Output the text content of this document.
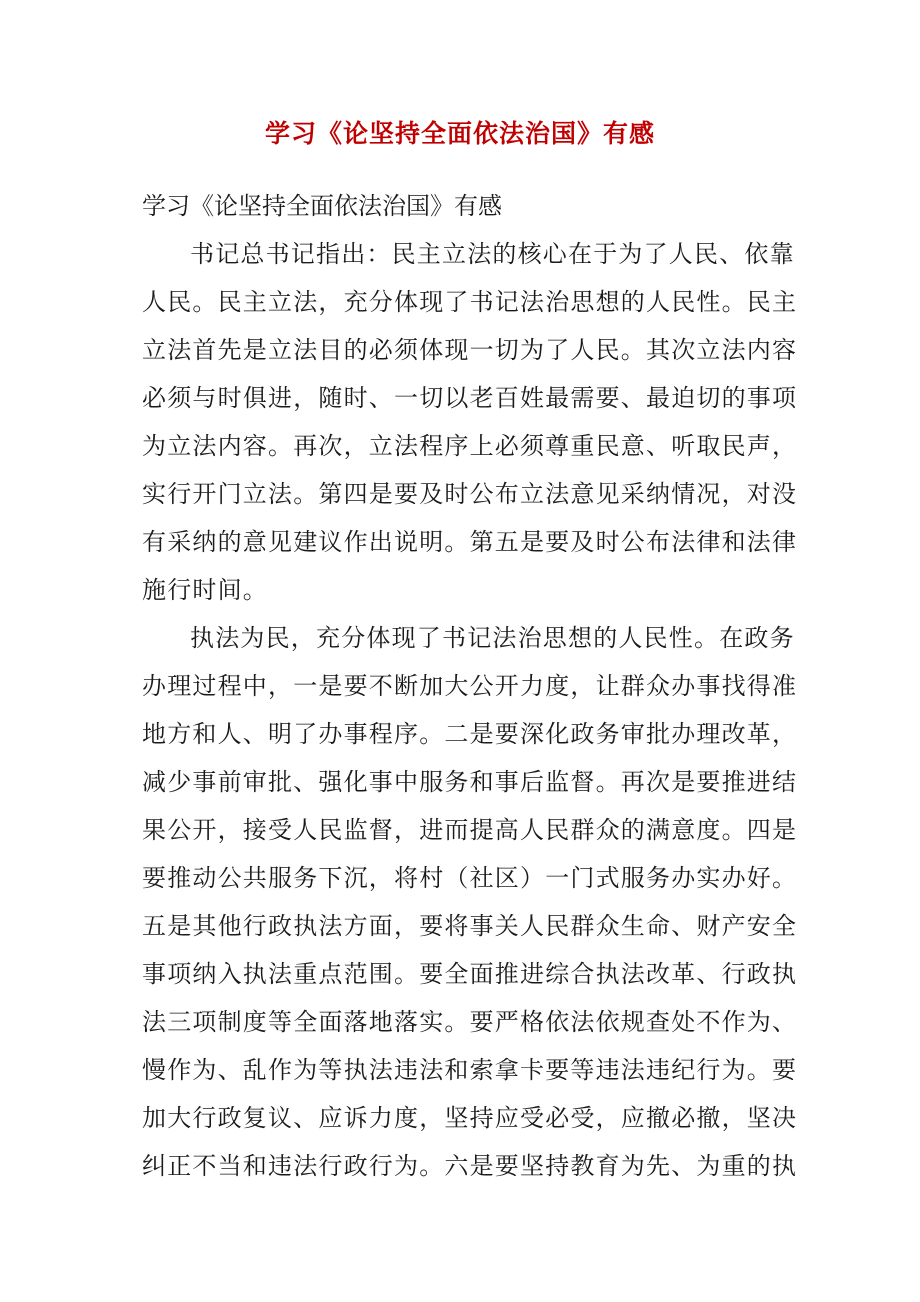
学习《论坚持全面依法治国》有感

学习《论坚持全面依法治国》有感

书记总书记指出：民主立法的核心在于为了人民、依靠
人民。民主立法，充分体现了书记法治思想的人民性。民主
立法首先是立法目的必须体现一切为了人民。其次立法内容
必须与时俱进，随时、一切以老百姓最需要、最迫切的事项
为立法内容。再次，立法程序上必须尊重民意、听取民声，
实行开门立法。第四是要及时公布立法意见采纳情况，对没
有采纳的意见建议作出说明。第五是要及时公布法律和法律
施行时间。

执法为民，充分体现了书记法治思想的人民性。在政务
办理过程中，一是要不断加大公开力度，让群众办事找得准
地方和人、明了办事程序。二是要深化政务审批办理改革，
减少事前审批、强化事中服务和事后监督。再次是要推进结
果公开，接受人民监督，进而提高人民群众的满意度。四是
要推动公共服务下沉，将村（社区）一门式服务办实办好。
五是其他行政执法方面，要将事关人民群众生命、财产安全
事项纳入执法重点范围。要全面推进综合执法改革、行政执
法三项制度等全面落地落实。要严格依法依规查处不作为、
慢作为、乱作为等执法违法和索拿卡要等违法违纪行为。要
加大行政复议、应诉力度，坚持应受必受，应撤必撤，坚决
纠正不当和违法行政行为。六是要坚持教育为先、为重的执
